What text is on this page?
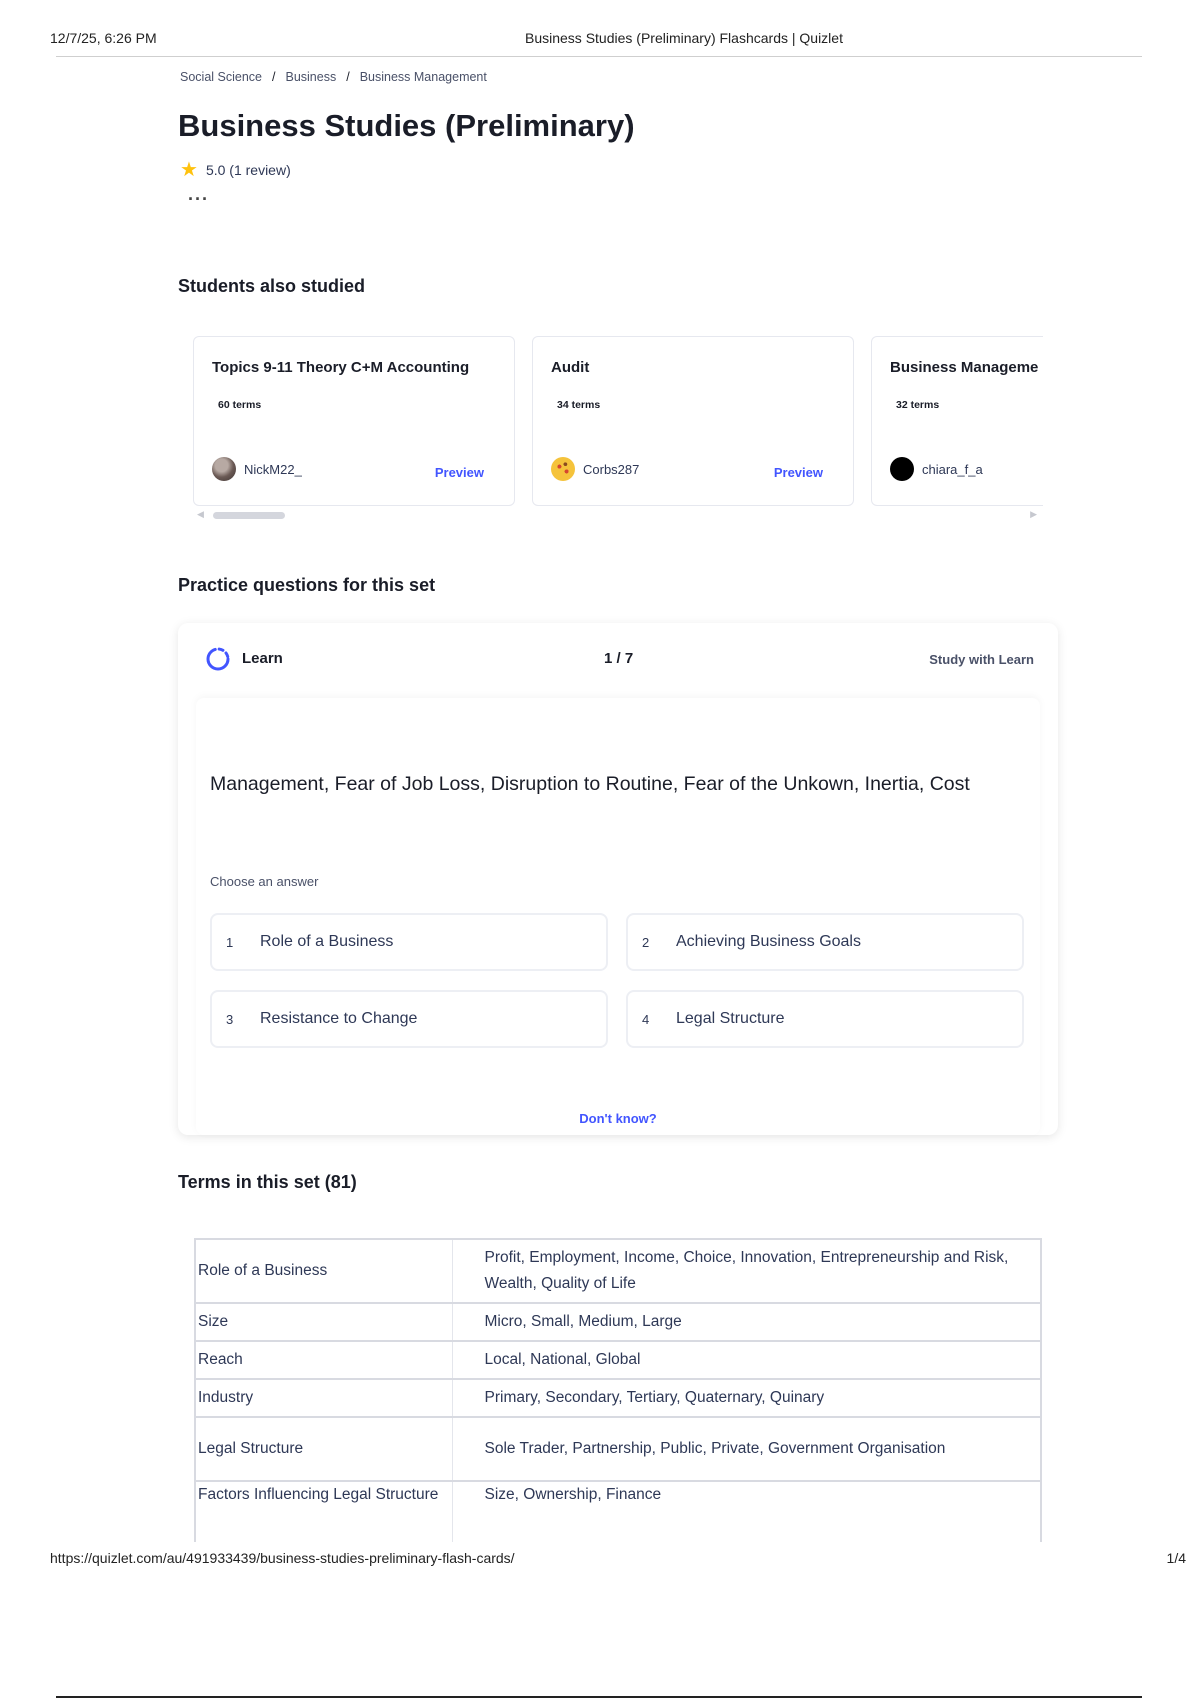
12/7/25, 6:26 PM	Business Studies (Preliminary) Flashcards | Quizlet
Social Science / Business / Business Management
Business Studies (Preliminary)
★ 5.0 (1 review)
···
Students also studied
Topics 9-11 Theory C+M Accounting
60 terms
NickM22_	Preview
Audit
34 terms
Corbs287	Preview
Business Manageme
32 terms
chiara_f_a
◀	▶
Practice questions for this set
Learn	1 / 7	Study with Learn
Management, Fear of Job Loss, Disruption to Routine, Fear of the Unkown, Inertia, Cost
Choose an answer
1	Role of a Business	2	Achieving Business Goals
3	Resistance to Change	4	Legal Structure
Don't know?
Terms in this set (81)
Role of a Business	Profit, Employment, Income, Choice, Innovation, Entrepreneurship and Risk, Wealth, Quality of Life
Size	Micro, Small, Medium, Large
Reach	Local, National, Global
Industry	Primary, Secondary, Tertiary, Quaternary, Quinary
Legal Structure	Sole Trader, Partnership, Public, Private, Government Organisation
Factors Influencing Legal Structure	Size, Ownership, Finance
https://quizlet.com/au/491933439/business-studies-preliminary-flash-cards/	1/4
